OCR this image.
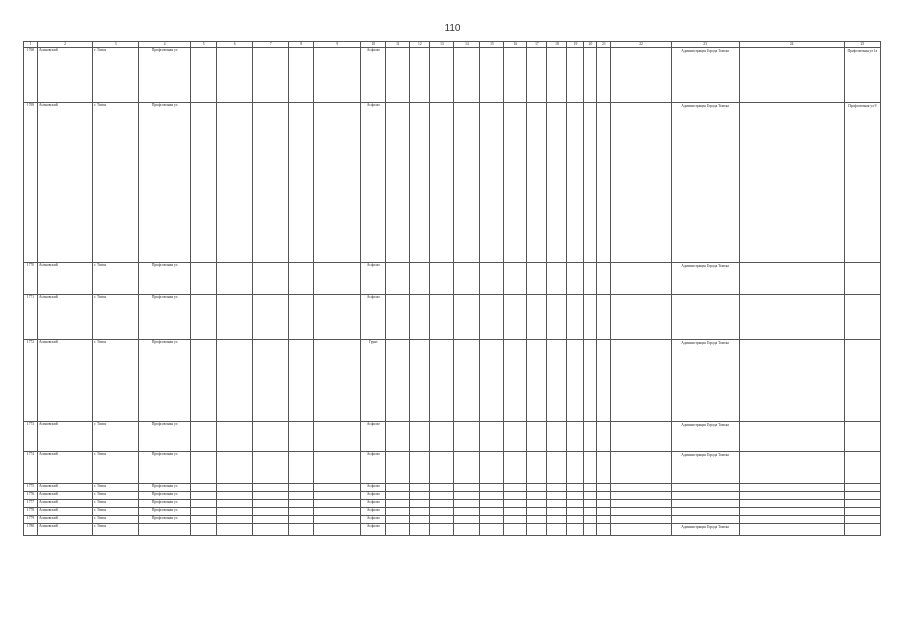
110
1	2	3	4	5	6	7	8	9	10	11	12	13	14	15	16	17	18	19	20	21	22	23	24	25
1768	Асиновский	г. Томск	Профсоюзная ул						Асфальт													Администрация Города Томска		Профсоюзная ул 1а
1769	Асиновский	г. Томск	Профсоюзная ул						Асфальт													Администрация Города Томска		Профсоюзная ул 9
1770	Асиновский	г. Томск	Профсоюзная ул						Асфальт													Администрация Города Томска		
1771	Асиновский	г. Томск	Профсоюзная ул						Асфальт															
1772	Асиновский	г. Томск	Профсоюзная ул						Грунт													Администрация Города Томска		
1773	Асиновский	г. Томск	Профсоюзная ул						Асфальт													Администрация Города Томска		
1774	Асиновский	г. Томск	Профсоюзная ул						Асфальт													Администрация Города Томска		
1775	Асиновский	г. Томск	Профсоюзная ул						Асфальт															
1776	Асиновский	г. Томск	Профсоюзная ул						Асфальт															
1777	Асиновский	г. Томск	Профсоюзная ул						Асфальт															
1778	Асиновский	г. Томск	Профсоюзная ул						Асфальт															
1779	Асиновский	г. Томск	Профсоюзная ул						Асфальт															
1780	Асиновский	г. Томск							Асфальт													Администрация Города Томска		
